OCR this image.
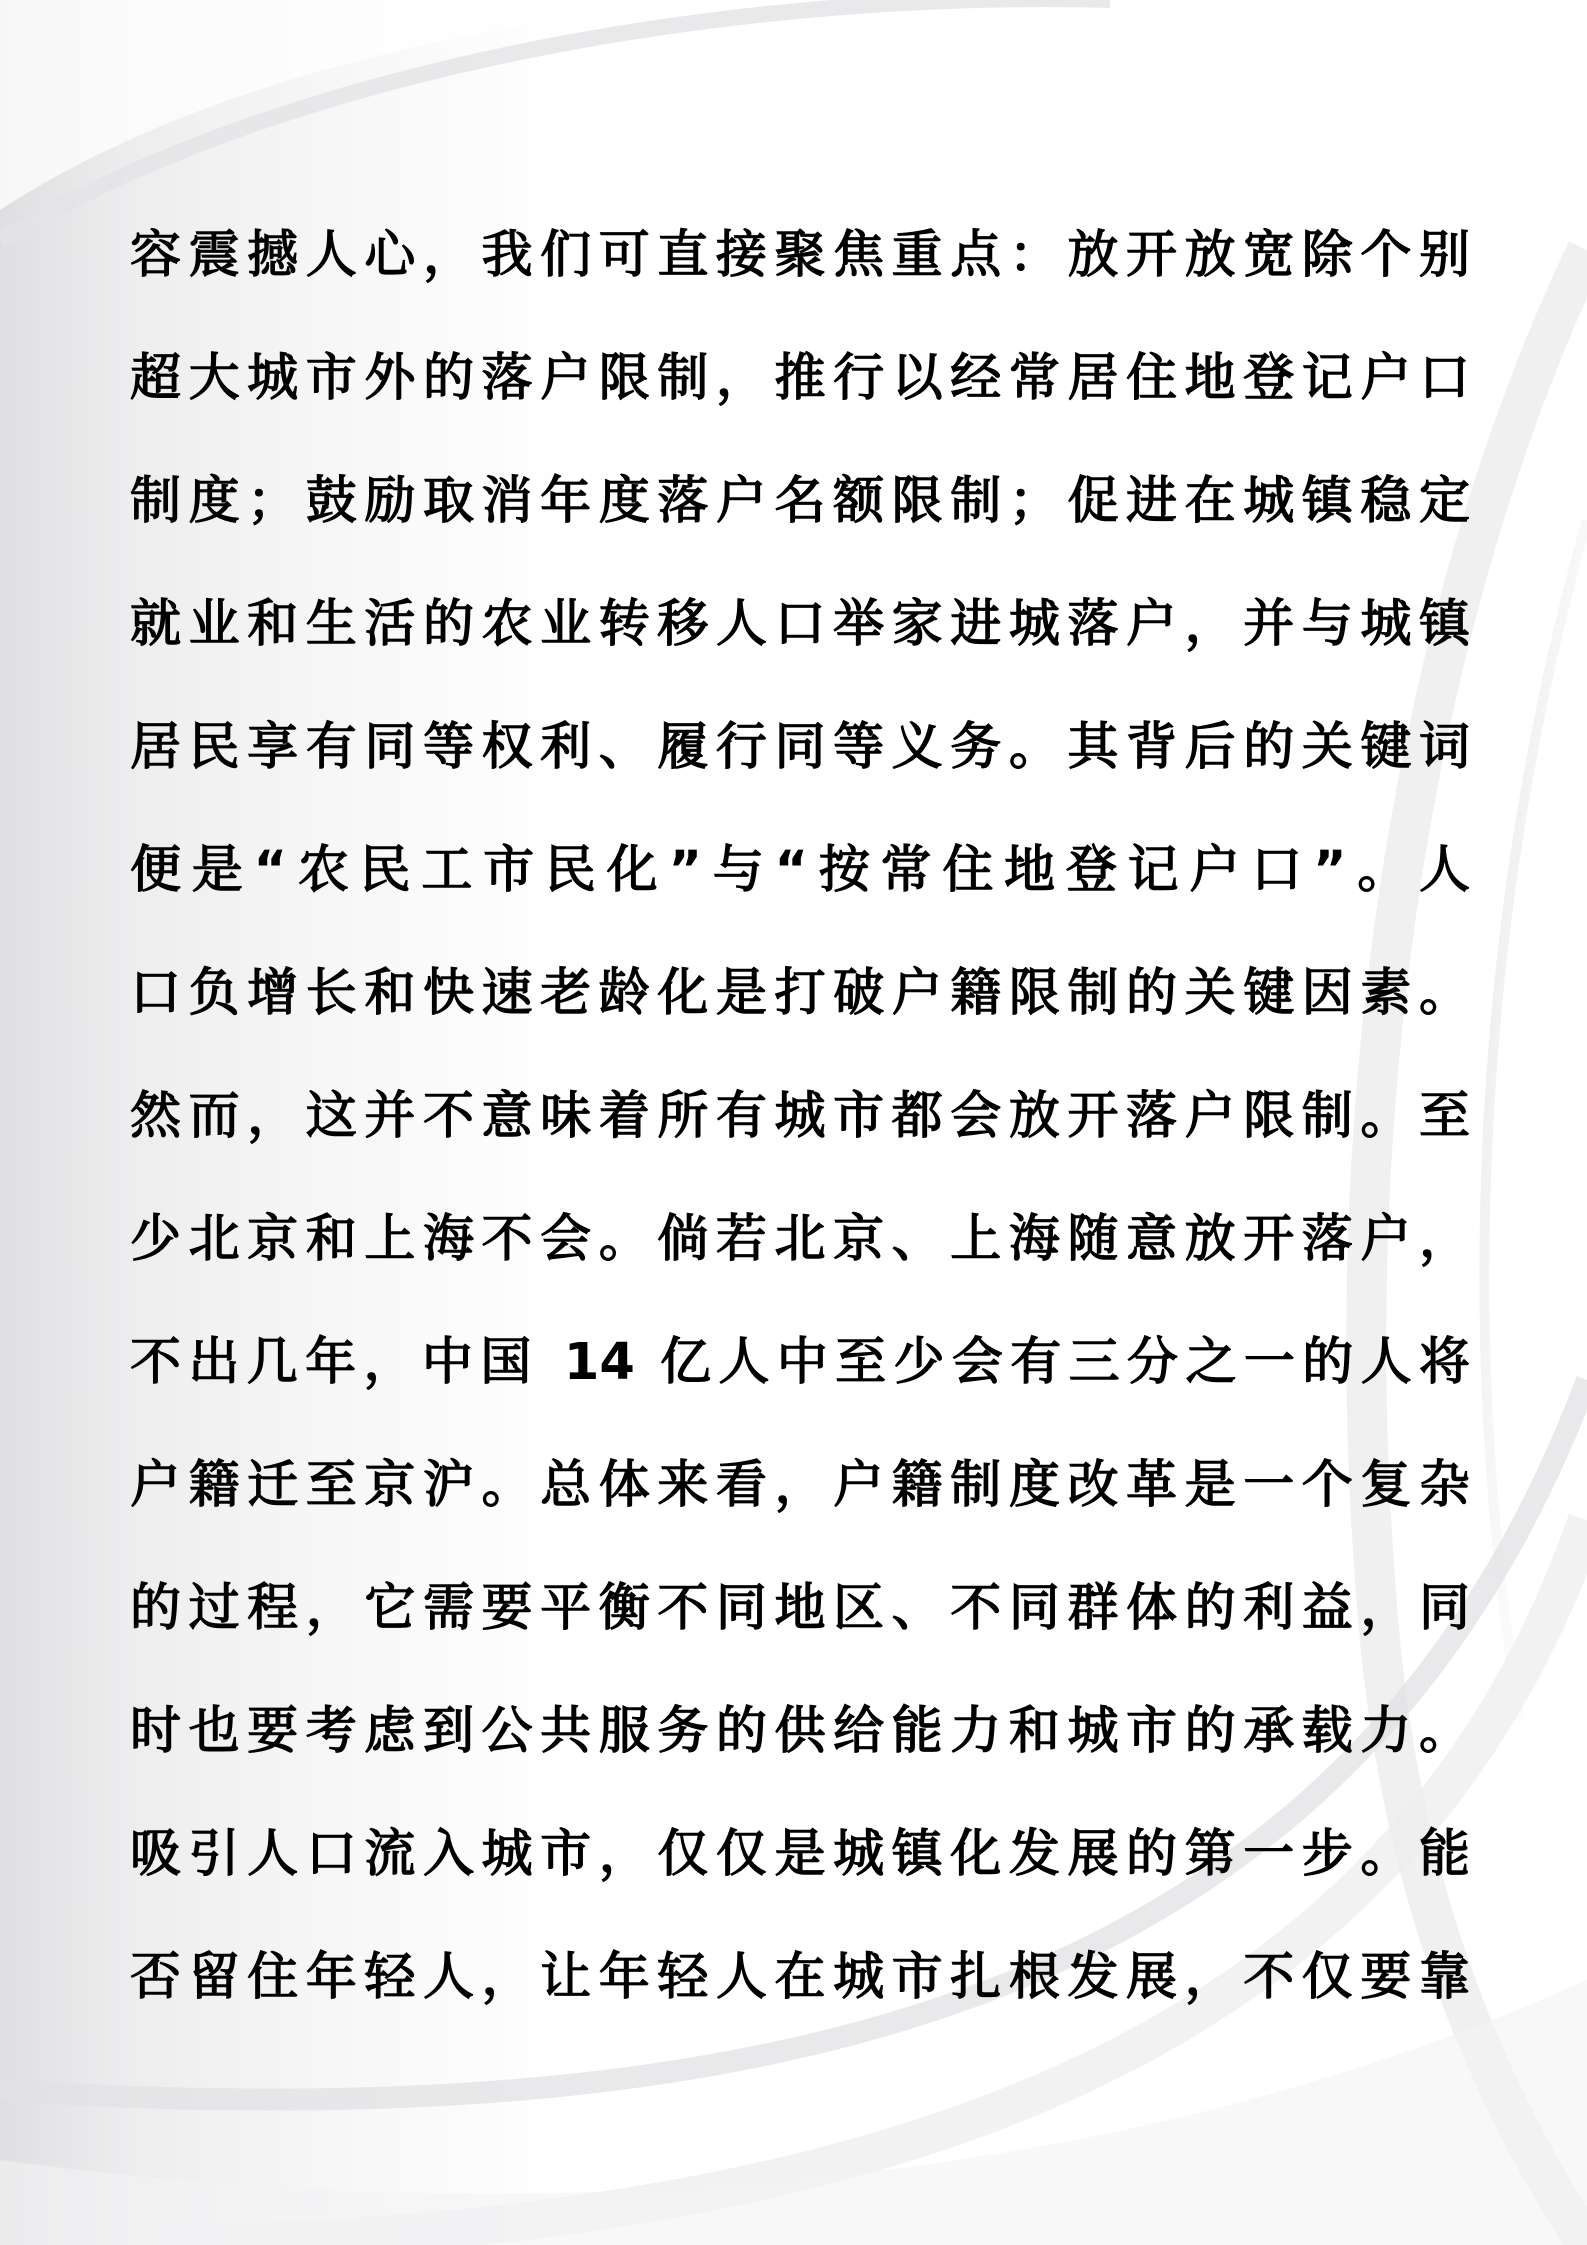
容震撼人心，我们可直接聚焦重点：放开放宽除个别
超大城市外的落户限制，推行以经常居住地登记户口
制度；鼓励取消年度落户名额限制；促进在城镇稳定
就业和生活的农业转移人口举家进城落户，并与城镇
居民享有同等权利、履行同等义务。其背后的关键词
便是“农民工市民化”与“按常住地登记户口”。人
口负增长和快速老龄化是打破户籍限制的关键因素。
然而，这并不意味着所有城市都会放开落户限制。至
少北京和上海不会。倘若北京、上海随意放开落户，
不出几年，中国 14 亿人中至少会有三分之一的人将
户籍迁至京沪。总体来看，户籍制度改革是一个复杂
的过程，它需要平衡不同地区、不同群体的利益，同
时也要考虑到公共服务的供给能力和城市的承载力。
吸引人口流入城市，仅仅是城镇化发展的第一步。能
否留住年轻人，让年轻人在城市扎根发展，不仅要靠
